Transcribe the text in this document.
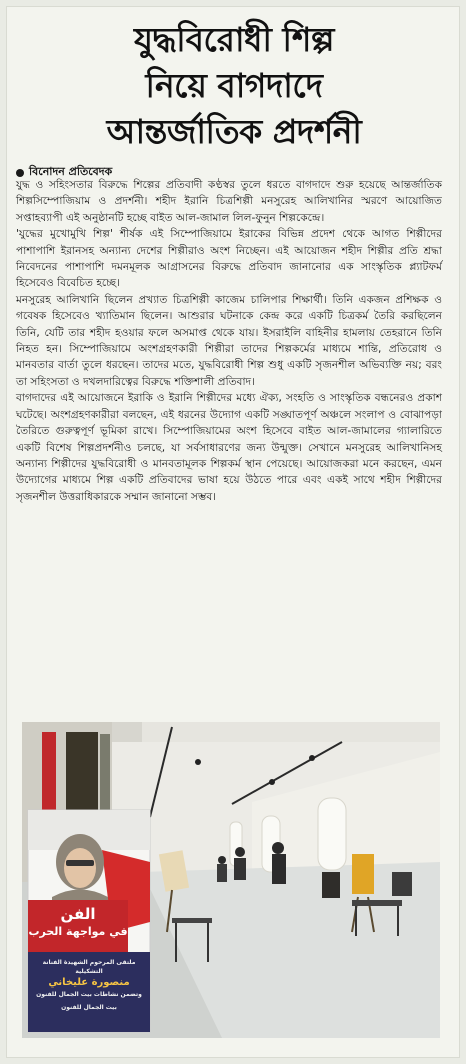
যুদ্ধবিরোধী শিল্প
নিয়ে বাগদাদে
আন্তর্জাতিক প্রদর্শনী
বিনোদন প্রতিবেদক

যুদ্ধ ও সহিংসতার বিরুদ্ধে শিল্পের প্রতিবাদী কণ্ঠস্বর তুলে ধরতে বাগদাদে শুরু হয়েছে আন্তর্জাতিক শিল্পসিম্পোজিয়াম ও প্রদর্শনী। শহীদ ইরানি চিত্রশিল্পী মনসুরেহ আলিখানির স্মরণে আয়োজিত সপ্তাহব্যাপী এই অনুষ্ঠানটি হচ্ছে বাইত আল-জামাল লিল-ফুনুন শিল্পকেন্দ্রে।

'যুদ্ধের মুখোমুখি শিল্প' শীর্ষক এই সিম্পোজিয়ামে ইরাকের বিভিন্ন প্রদেশ থেকে আগত শিল্পীদের পাশাপাশি ইরানসহ অন্যান্য দেশের শিল্পীরাও অংশ নিচ্ছেন। এই আয়োজন শহীদ শিল্পীর প্রতি শ্রদ্ধা নিবেদনের পাশাপাশি দমনমূলক আগ্রাসনের বিরুদ্ধে প্রতিবাদ জানানোর এক সাংস্কৃতিক প্ল্যাটফর্ম হিসেবেও বিবেচিত হচ্ছে।

মনসুরেহ আলিখানি ছিলেন প্রখ্যাত চিত্রশিল্পী কাজেম চালিপার শিক্ষার্থী। তিনি একজন প্রশিক্ষক ও গবেষক হিসেবেও খ্যাতিমান ছিলেন। আশুরার ঘটনাকে কেন্দ্র করে একটি চিত্রকর্ম তৈরি করছিলেন তিনি, যেটি তার শহীদ হওয়ার ফলে অসমাপ্ত থেকে যায়। ইসরাইলি বাহিনীর হামলায় তেহরানে তিনি নিহত হন। সিম্পোজিয়ামে অংশগ্রহণকারী শিল্পীরা তাদের শিল্পকর্মের মাধ্যমে শান্তি, প্রতিরোধ ও মানবতার বার্তা তুলে ধরছেন। তাদের মতে, যুদ্ধবিরোধী শিল্প শুধু একটি সৃজনশীল অভিব্যক্তি নয়; বরং তা সহিংসতা ও দখলদারিত্বের বিরুদ্ধে শক্তিশালী প্রতিবাদ।

বাগদাদের এই আয়োজনে ইরাকি ও ইরানি শিল্পীদের মধ্যে ঐক্য, সংহতি ও সাংস্কৃতিক বন্ধনেরও প্রকাশ ঘটেছে। অংশগ্রহণকারীরা বলছেন, এই ধরনের উদ্যোগ একটি সঙ্ঘাতপূর্ণ অঞ্চলে সংলাপ ও বোঝাপড়া তৈরিতে গুরুত্বপূর্ণ ভূমিকা রাখে। সিম্পোজিয়ামের অংশ হিসেবে বাইত আল-জামালের গ্যালারিতে একটি বিশেষ শিল্পপ্রদর্শনীও চলছে, যা সর্বসাধারণের জন্য উন্মুক্ত। সেখানে মনসুরেহ আলিখানিসহ অন্যান্য শিল্পীদের যুদ্ধবিরোধী ও মানবতামূলক শিল্পকর্ম স্থান পেয়েছে। আয়োজকরা মনে করছেন, এমন উদ্যোগের মাধ্যমে শিল্প একটি প্রতিবাদের ভাষা হয়ে উঠতে পারে এবং একই সাথে শহীদ শিল্পীদের সৃজনশীল উত্তরাধিকারকে সম্মান জানানো সম্ভব।

الفن
في مواجهة الحرب
ملتقى المرحوم الشهيدة الفنانة التشكيلية
منصورة عليخاني
وتضمن نشاطات بيت الجمال للفنون
بيت الجمال للفنون
